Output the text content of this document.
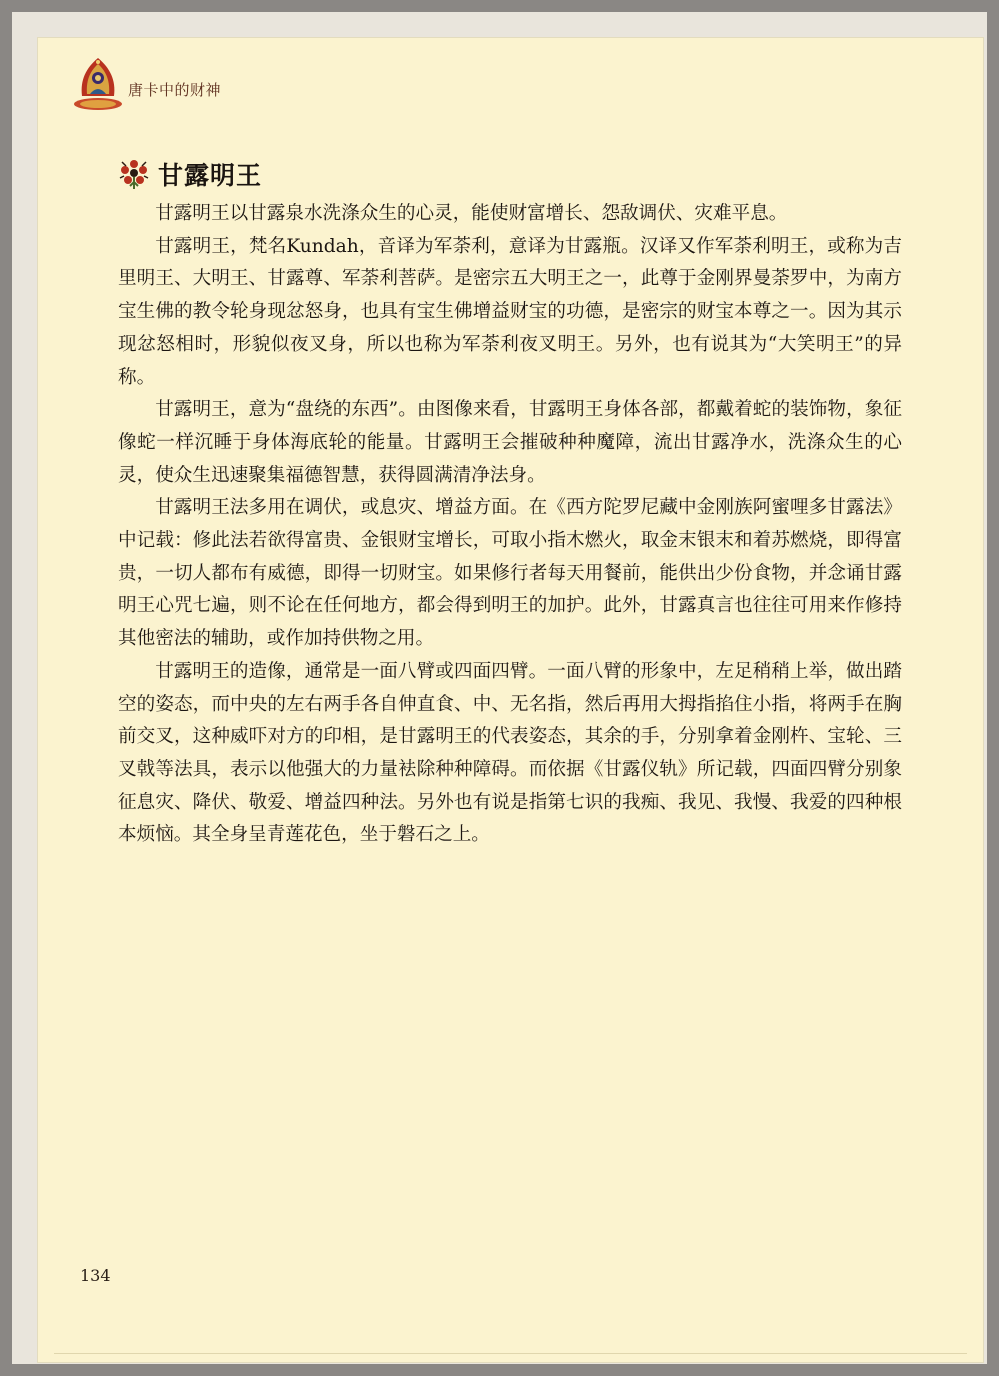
唐卡中的财神
甘露明王

甘露明王以甘露泉水洗涤众生的心灵，能使财富增长、怨敌调伏、灾难平息。

甘露明王，梵名Kundah，音译为军荼利，意译为甘露瓶。汉译又作军荼利明王，或称为吉里明王、大明王、甘露尊、军荼利菩萨。是密宗五大明王之一，此尊于金刚界曼荼罗中，为南方宝生佛的教令轮身现忿怒身，也具有宝生佛增益财宝的功德，是密宗的财宝本尊之一。因为其示现忿怒相时，形貌似夜叉身，所以也称为军荼利夜叉明王。另外，也有说其为“大笑明王”的异称。

甘露明王，意为“盘绕的东西”。由图像来看，甘露明王身体各部，都戴着蛇的装饰物，象征像蛇一样沉睡于身体海底轮的能量。甘露明王会摧破种种魔障，流出甘露净水，洗涤众生的心灵，使众生迅速聚集福德智慧，获得圆满清净法身。

甘露明王法多用在调伏，或息灾、增益方面。在《西方陀罗尼藏中金刚族阿蜜哩多甘露法》中记载：修此法若欲得富贵、金银财宝增长，可取小指木燃火，取金末银末和着苏燃烧，即得富贵，一切人都布有威德，即得一切财宝。如果修行者每天用餐前，能供出少份食物，并念诵甘露明王心咒七遍，则不论在任何地方，都会得到明王的加护。此外，甘露真言也往往可用来作修持其他密法的辅助，或作加持供物之用。

甘露明王的造像，通常是一面八臂或四面四臂。一面八臂的形象中，左足稍稍上举，做出踏空的姿态，而中央的左右两手各自伸直食、中、无名指，然后再用大拇指掐住小指，将两手在胸前交叉，这种威吓对方的印相，是甘露明王的代表姿态，其余的手，分别拿着金刚杵、宝轮、三叉戟等法具，表示以他强大的力量袪除种种障碍。而依据《甘露仪轨》所记载，四面四臂分别象征息灾、降伏、敬爱、增益四种法。另外也有说是指第七识的我痴、我见、我慢、我爱的四种根本烦恼。其全身呈青莲花色，坐于磐石之上。

134
